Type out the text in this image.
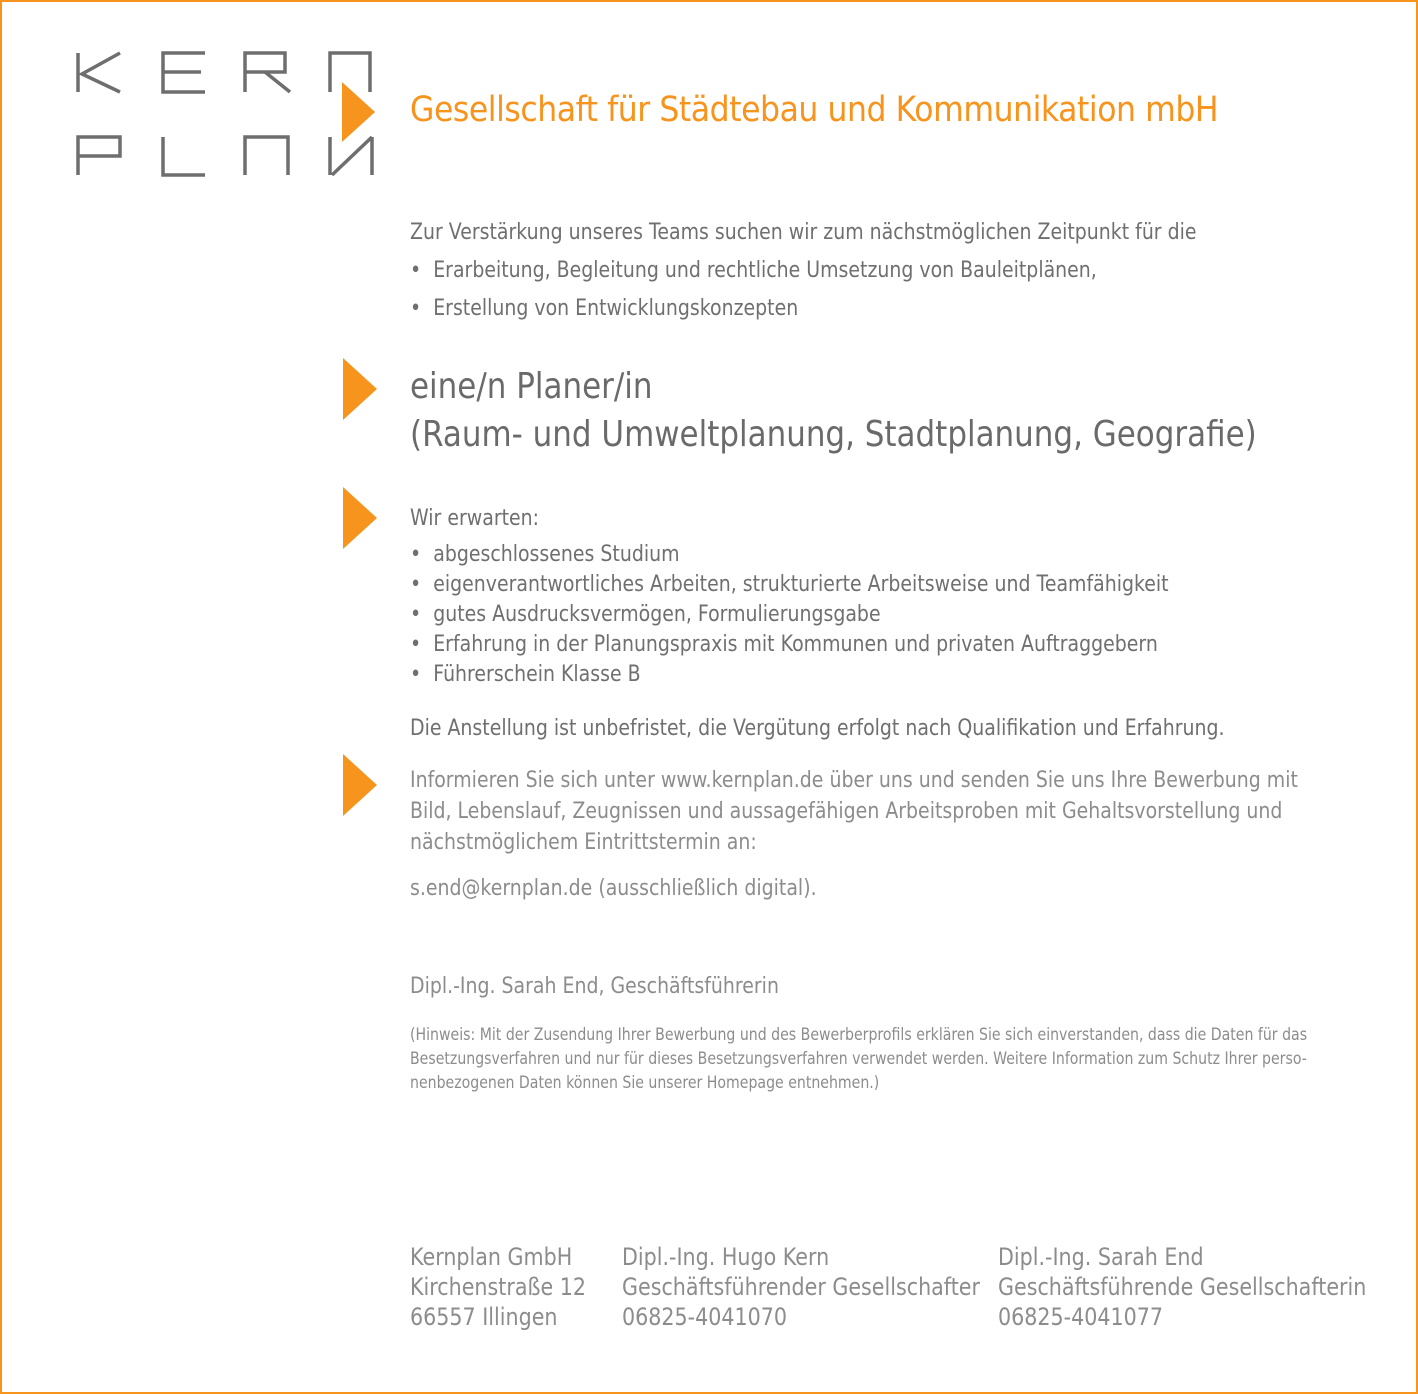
Gesellschaft für Städtebau und Kommunikation mbH
Zur Verstärkung unseres Teams suchen wir zum nächstmöglichen Zeitpunkt für die
• Erarbeitung, Begleitung und rechtliche Umsetzung von Bauleitplänen,
• Erstellung von Entwicklungskonzepten
eine/n Planer/in
(Raum- und Umweltplanung, Stadtplanung, Geografie)
Wir erwarten:
• abgeschlossenes Studium
• eigenverantwortliches Arbeiten, strukturierte Arbeitsweise und Teamfähigkeit
• gutes Ausdrucksvermögen, Formulierungsgabe
• Erfahrung in der Planungspraxis mit Kommunen und privaten Auftraggebern
• Führerschein Klasse B
Die Anstellung ist unbefristet, die Vergütung erfolgt nach Qualifikation und Erfahrung.
Informieren Sie sich unter www.kernplan.de über uns und senden Sie uns Ihre Bewerbung mit
Bild, Lebenslauf, Zeugnissen und aussagefähigen Arbeitsproben mit Gehaltsvorstellung und
nächstmöglichem Eintrittstermin an:
s.end@kernplan.de (ausschließlich digital).
Dipl.-Ing. Sarah End, Geschäftsführerin
(Hinweis: Mit der Zusendung Ihrer Bewerbung und des Bewerberprofils erklären Sie sich einverstanden, dass die Daten für das
Besetzungsverfahren und nur für dieses Besetzungsverfahren verwendet werden. Weitere Information zum Schutz Ihrer perso-
nenbezogenen Daten können Sie unserer Homepage entnehmen.)
Kernplan GmbH
Kirchenstraße 12
66557 Illingen
Dipl.-Ing. Hugo Kern
Geschäftsführender Gesellschafter
06825-4041070
Dipl.-Ing. Sarah End
Geschäftsführende Gesellschafterin
06825-4041077
